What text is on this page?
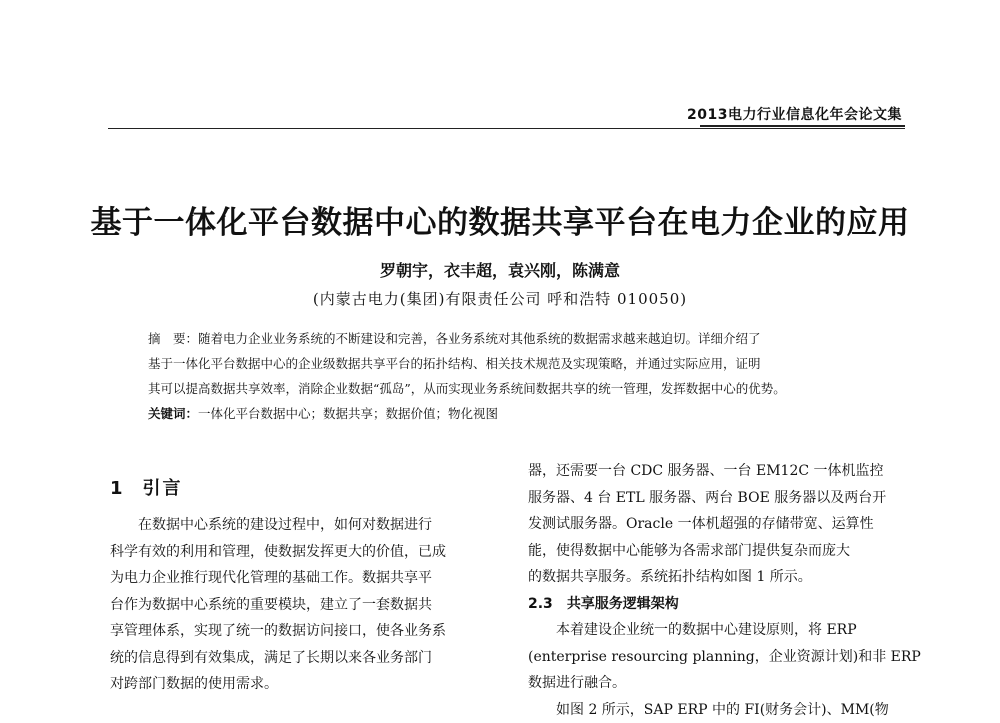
2013电力行业信息化年会论文集
基于一体化平台数据中心的数据共享平台在电力企业的应用
罗朝宇，衣丰超，袁兴刚，陈满意
(内蒙古电力(集团)有限责任公司 呼和浩特 010050)
摘　要：随着电力企业业务系统的不断建设和完善，各业务系统对其他系统的数据需求越来越迫切。详细介绍了
基于一体化平台数据中心的企业级数据共享平台的拓扑结构、相关技术规范及实现策略，并通过实际应用，证明
其可以提高数据共享效率，消除企业数据“孤岛”，从而实现业务系统间数据共享的统一管理，发挥数据中心的优势。
关键词：一体化平台数据中心；数据共享；数据价值；物化视图
1 引言
　　在数据中心系统的建设过程中，如何对数据进行
科学有效的利用和管理，使数据发挥更大的价值，已成
为电力企业推行现代化管理的基础工作。数据共享平
台作为数据中心系统的重要模块，建立了一套数据共
享管理体系，实现了统一的数据访问接口，使各业务系
统的信息得到有效集成，满足了长期以来各业务部门
对跨部门数据的使用需求。
器，还需要一台 CDC 服务器、一台 EM12C 一体机监控
服务器、4 台 ETL 服务器、两台 BOE 服务器以及两台开
发测试服务器。Oracle 一体机超强的存储带宽、运算性
能，使得数据中心能够为各需求部门提供复杂而庞大
的数据共享服务。系统拓扑结构如图 1 所示。
2.3 共享服务逻辑架构
　　本着建设企业统一的数据中心建设原则，将 ERP
(enterprise resourcing planning，企业资源计划)和非 ERP
数据进行融合。
　　如图 2 所示，SAP ERP 中的 FI(财务会计)、MM(物
